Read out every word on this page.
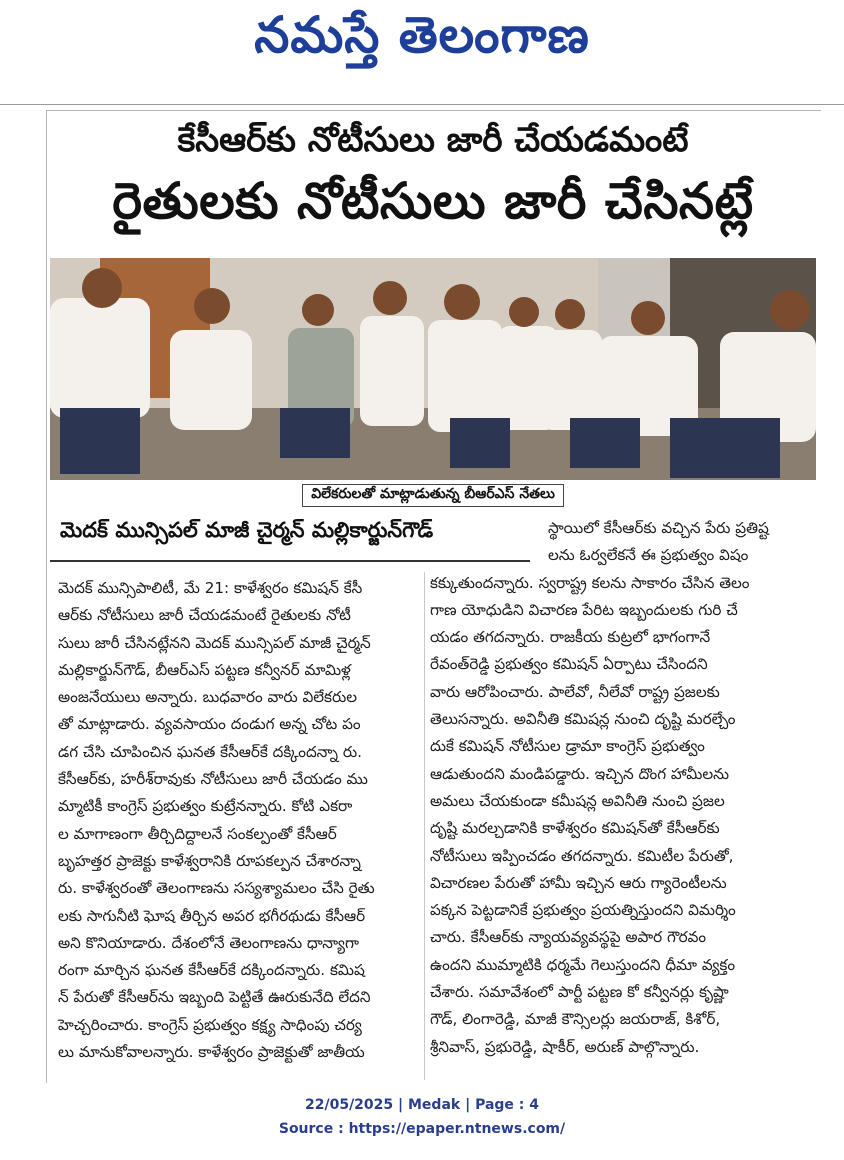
నమస్తే తెలంగాణ
కేసీఆర్‌కు నోటీసులు జారీ చేయడమంటే
రైతులకు నోటీసులు జారీ చేసినట్లే
విలేకరులతో మాట్లాడుతున్న బీఆర్‌ఎస్ నేతలు
మెదక్ మున్సిపల్ మాజీ చైర్మన్ మల్లికార్జున్‌గౌడ్

మెదక్ మున్సిపాలిటీ, మే 21: కాళేశ్వరం కమిషన్ కేసీ

ఆర్‌కు నోటీసులు జారీ చేయడమంటే రైతులకు నోటీ

సులు జారీ చేసినట్లేనని మెదక్ మున్సిపల్ మాజీ చైర్మన్

మల్లికార్జున్‌గౌడ్, బీఆర్‌ఎస్ పట్టణ కన్వీనర్ మామిళ్ల

అంజనేయులు అన్నారు. బుధవారం వారు విలేకరుల

తో మాట్లాడారు. వ్యవసాయం దండుగ అన్న చోట పం

డగ చేసి చూపించిన ఘనత కేసీఆర్‌కే దక్కిందన్నా రు.

కేసీఆర్‌కు, హరీశ్‌రావుకు నోటీసులు జారీ చేయడం ము

మ్మాటికీ కాంగ్రెస్ ప్రభుత్వం కుట్రేనన్నారు. కోటి ఎకరా

ల మాగాణంగా తీర్చిదిద్దాలనే సంకల్పంతో కేసీఆర్

బృహత్తర ప్రాజెక్టు కాళేశ్వరానికి రూపకల్పన చేశారన్నా

రు. కాళేశ్వరంతో తెలంగాణను సస్యశ్యామలం చేసి రైతు

లకు సాగునీటి ఘోష తీర్చిన అపర భగీరథుడు కేసీఆర్

అని కొనియాడారు. దేశంలోనే తెలంగాణను ధాన్యాగా

రంగా మార్చిన ఘనత కేసీఆర్‌కే దక్కిందన్నారు. కమిష

న్ పేరుతో కేసీఆర్‌ను ఇబ్బంది పెట్టితే ఊరుకునేది లేదని

హెచ్చరించారు. కాంగ్రెస్ ప్రభుత్వం కక్ష్య సాధింపు చర్య

లు మానుకోవాలన్నారు. కాళేశ్వరం ప్రాజెక్టుతో జాతీయ

స్థాయిలో కేసీఆర్‌కు వచ్చిన పేరు ప్రతిష్ట

లను ఓర్వలేకనే ఈ ప్రభుత్వం విషం

కక్కుతుందన్నారు. స్వరాష్ట్ర కలను సాకారం చేసిన తెలం

గాణ యోధుడిని విచారణ పేరిట ఇబ్బందులకు గురి చే

యడం తగదన్నారు. రాజకీయ కుట్రలో భాగంగానే

రేవంత్‌రెడ్డి ప్రభుత్వం కమిషన్ ఏర్పాటు చేసిందని

వారు ఆరోపించారు. పాలేవో, నీలేవో రాష్ట్ర ప్రజలకు

తెలుసన్నారు. అవినీతి కమిషన్ల నుంచి దృష్టి మరల్చేం

దుకే కమిషన్ నోటీసుల డ్రామా కాంగ్రెస్ ప్రభుత్వం

ఆడుతుందని మండిపడ్డారు. ఇచ్చిన దొంగ హామీలను

అమలు చేయకుండా కమీషన్ల అవినీతి నుంచి ప్రజల

దృష్టి మరల్చడానికి కాళేశ్వరం కమిషన్‌తో కేసీఆర్‌కు

నోటీసులు ఇప్పించడం తగదన్నారు. కమిటీల పేరుతో,

విచారణల పేరుతో హామీ ఇచ్చిన ఆరు గ్యారెంటీలను

పక్కన పెట్టడానికే ప్రభుత్వం ప్రయత్నిస్తుందని విమర్శిం

చారు. కేసీఆర్‌కు న్యాయవ్యవస్థపై అపార గౌరవం

ఉందని ముమ్మాటికి ధర్మమే గెలుస్తుందని ధీమా వ్యక్తం

చేశారు. సమావేశంలో పార్టీ పట్టణ కో కన్వీనర్లు కృష్ణా

గౌడ్, లింగారెడ్డి, మాజీ కౌన్సిలర్లు జయరాజ్, కిశోర్,

శ్రీనివాస్, ప్రభురెడ్డి, షాకీర్, అరుణ్ పాల్గొన్నారు.

22/05/2025 | Medak | Page : 4
Source : https://epaper.ntnews.com/
